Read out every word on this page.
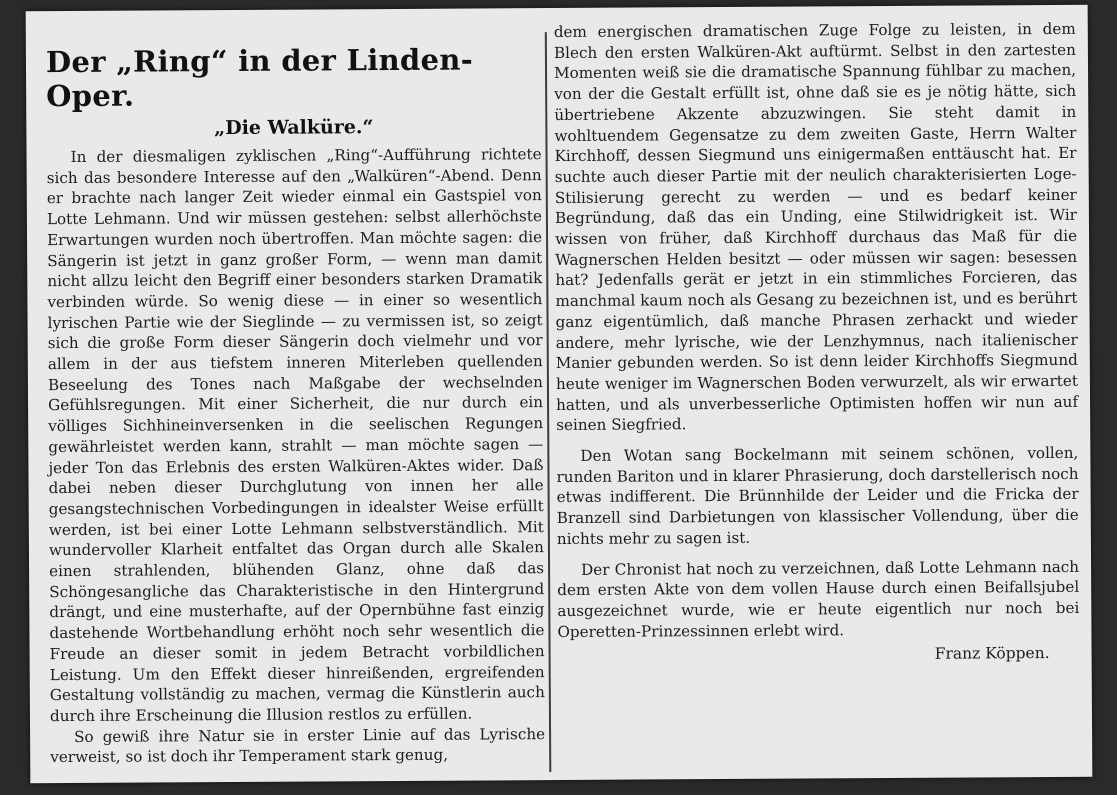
Der „Ring“ in der Linden-Oper.
„Die Walküre.“

In der diesmaligen zyklischen „Ring“-Aufführung richtete sich das besondere Interesse auf den „Walküren“-Abend. Denn er brachte nach langer Zeit wieder einmal ein Gastspiel von Lotte Lehmann. Und wir müssen gestehen: selbst allerhöchste Erwartungen wurden noch übertroffen. Man möchte sagen: die Sängerin ist jetzt in ganz großer Form, — wenn man damit nicht allzu leicht den Begriff einer besonders starken Dramatik verbinden würde. So wenig diese — in einer so wesentlich lyrischen Partie wie der Sieglinde — zu vermissen ist, so zeigt sich die große Form dieser Sängerin doch vielmehr und vor allem in der aus tiefstem inneren Miterleben quellenden Beseelung des Tones nach Maßgabe der wechselnden Gefühlsregungen. Mit einer Sicherheit, die nur durch ein völliges Sichhineinversenken in die seelischen Regungen gewährleistet werden kann, strahlt — man möchte sagen — jeder Ton das Erlebnis des ersten Walküren-Aktes wider. Daß dabei neben dieser Durchglutung von innen her alle gesangstechnischen Vorbedingungen in idealster Weise erfüllt werden, ist bei einer Lotte Lehmann selbstverständlich. Mit wundervoller Klarheit entfaltet das Organ durch alle Skalen einen strahlenden, blühenden Glanz, ohne daß das Schöngesangliche das Charakteristische in den Hintergrund drängt, und eine musterhafte, auf der Opernbühne fast einzig dastehende Wortbehandlung erhöht noch sehr wesentlich die Freude an dieser somit in jedem Betracht vorbildlichen Leistung. Um den Effekt dieser hinreißenden, ergreifenden Gestaltung vollständig zu machen, vermag die Künstlerin auch durch ihre Erscheinung die Illusion restlos zu erfüllen.

So gewiß ihre Natur sie in erster Linie auf das Lyrische verweist, so ist doch ihr Temperament stark genug,

dem energischen dramatischen Zuge Folge zu leisten, in dem Blech den ersten Walküren-Akt auftürmt. Selbst in den zartesten Momenten weiß sie die dramatische Spannung fühlbar zu machen, von der die Gestalt erfüllt ist, ohne daß sie es je nötig hätte, sich übertriebene Akzente abzuzwingen. Sie steht damit in wohltuendem Gegensatze zu dem zweiten Gaste, Herrn Walter Kirchhoff, dessen Siegmund uns einigermaßen enttäuscht hat. Er suchte auch dieser Partie mit der neulich charakterisierten Loge-Stilisierung gerecht zu werden — und es bedarf keiner Begründung, daß das ein Unding, eine Stilwidrigkeit ist. Wir wissen von früher, daß Kirchhoff durchaus das Maß für die Wagnerschen Helden besitzt — oder müssen wir sagen: besessen hat? Jedenfalls gerät er jetzt in ein stimmliches Forcieren, das manchmal kaum noch als Gesang zu bezeichnen ist, und es berührt ganz eigentümlich, daß manche Phrasen zerhackt und wieder andere, mehr lyrische, wie der Lenzhymnus, nach italienischer Manier gebunden werden. So ist denn leider Kirchhoffs Siegmund heute weniger im Wagnerschen Boden verwurzelt, als wir erwartet hatten, und als unverbesserliche Optimisten hoffen wir nun auf seinen Siegfried.

Den Wotan sang Bockelmann mit seinem schönen, vollen, runden Bariton und in klarer Phrasierung, doch darstellerisch noch etwas indifferent. Die Brünnhilde der Leider und die Fricka der Branzell sind Darbietungen von klassischer Vollendung, über die nichts mehr zu sagen ist.

Der Chronist hat noch zu verzeichnen, daß Lotte Lehmann nach dem ersten Akte von dem vollen Hause durch einen Beifallsjubel ausgezeichnet wurde, wie er heute eigentlich nur noch bei Operetten-Prinzessinnen erlebt wird.

Franz Köppen.
